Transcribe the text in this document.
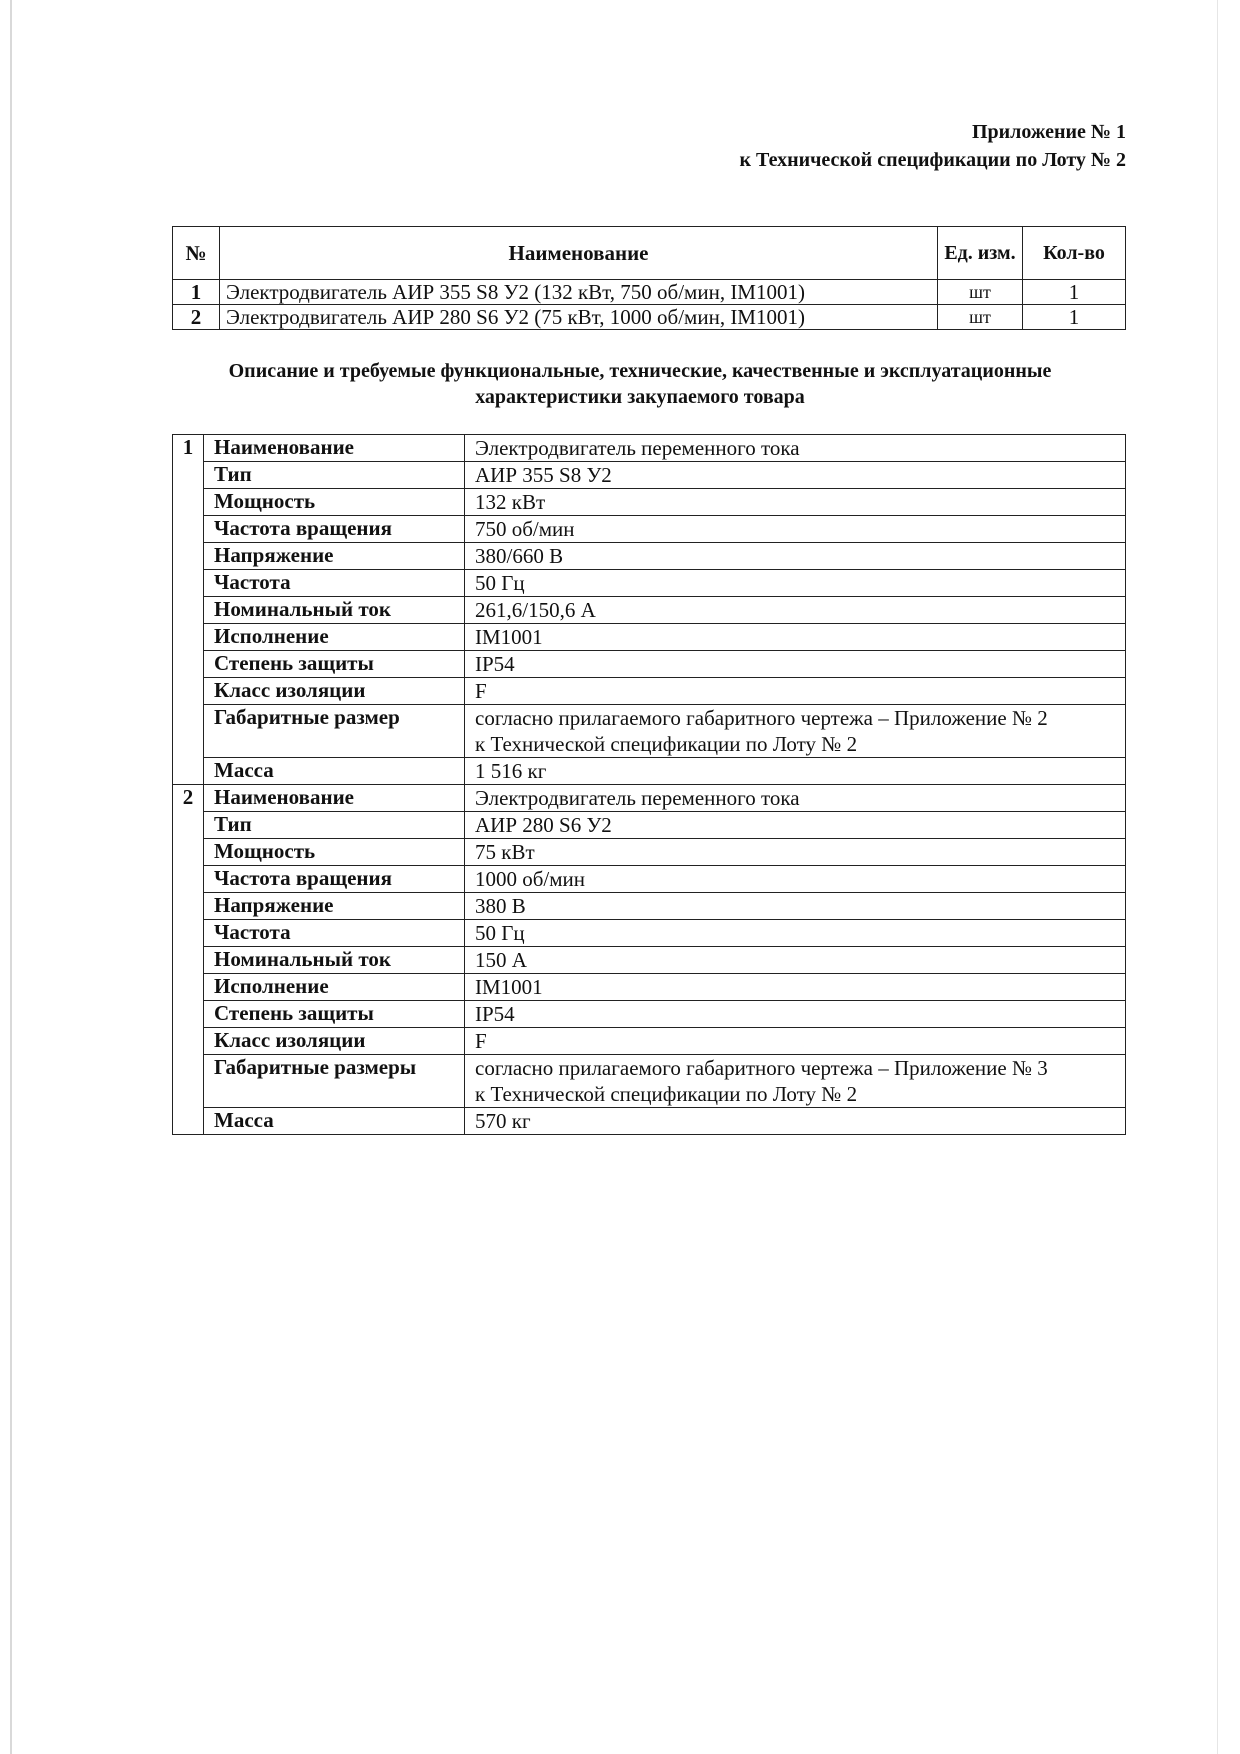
Приложение № 1
к Технической спецификации по Лоту № 2
№	Наименование	Ед. изм.	Кол-во
1	Электродвигатель АИР 355 S8 У2 (132 кВт, 750 об/мин, IM1001)	шт	1
2	Электродвигатель АИР 280 S6 У2 (75 кВт, 1000 об/мин, IM1001)	шт	1
Описание и требуемые функциональные, технические, качественные и эксплуатационные
характеристики закупаемого товара
1	Наименование	Электродвигатель переменного тока

	Тип	АИР 355 S8 У2

	Мощность	132 кВт

	Частота вращения	750 об/мин

	Напряжение	380/660 В

	Частота	50 Гц

	Номинальный ток	261,6/150,6 А

	Исполнение	IM1001

	Степень защиты	IP54

	Класс изоляции	F

	Габаритные размер	согласно прилагаемого габаритного чертежа – Приложение № 2
к Технической спецификации по Лоту № 2

	Масса	1 516 кг

2	Наименование	Электродвигатель переменного тока

	Тип	АИР 280 S6 У2

	Мощность	75 кВт

	Частота вращения	1000 об/мин

	Напряжение	380 В

	Частота	50 Гц

	Номинальный ток	150 А

	Исполнение	IM1001

	Степень защиты	IP54

	Класс изоляции	F

	Габаритные размеры	согласно прилагаемого габаритного чертежа – Приложение № 3
к Технической спецификации по Лоту № 2

	Масса	570 кг
